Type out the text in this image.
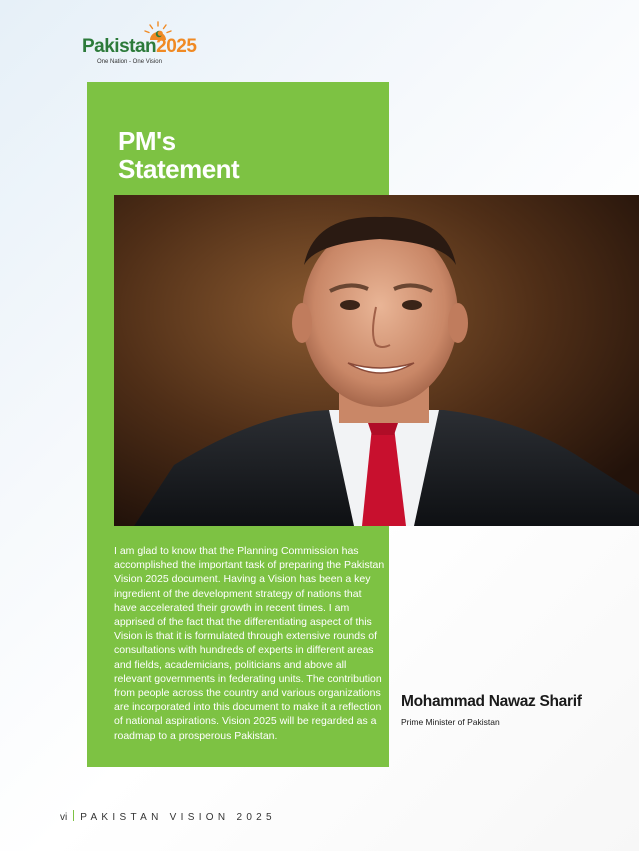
Pakistan2025
One Nation - One Vision
PM's
Statement

I am glad to know that the Planning Commission has accomplished the important task of preparing the Pakistan Vision 2025 document. Having a Vision has been a key ingredient of the development strategy of nations that have accelerated their growth in recent times. I am apprised of the fact that the differentiating aspect of this Vision is that it is formulated through extensive rounds of consultations with hundreds of experts in different areas and fields, academicians, politicians and above all relevant governments in federating units. The contribution from people across the country and various organizations are incorporated into this document to make it a reflection of national aspirations. Vision 2025 will be regarded as a roadmap to a prosperous Pakistan.

Mohammad Nawaz Sharif
Prime Minister of Pakistan
vi PAKISTAN VISION 2025
